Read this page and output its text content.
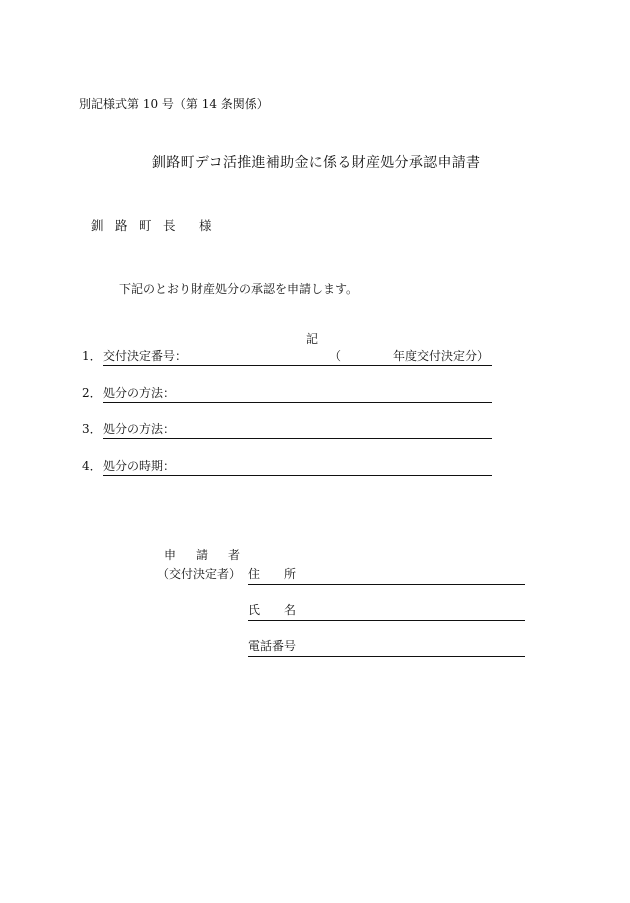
別記様式第 10 号（第 14 条関係）
釧路町デコ活推進補助金に係る財産処分承認申請書
釧 路 町 長 様
下記のとおり財産処分の承認を申請します。
記
1． 交付決定番号：	（	年度交付決定分）
2． 処分の方法：
3． 処分の方法：
4． 処分の時期：
申 請 者
（交付決定者） 住 所
氏 名
電話番号
